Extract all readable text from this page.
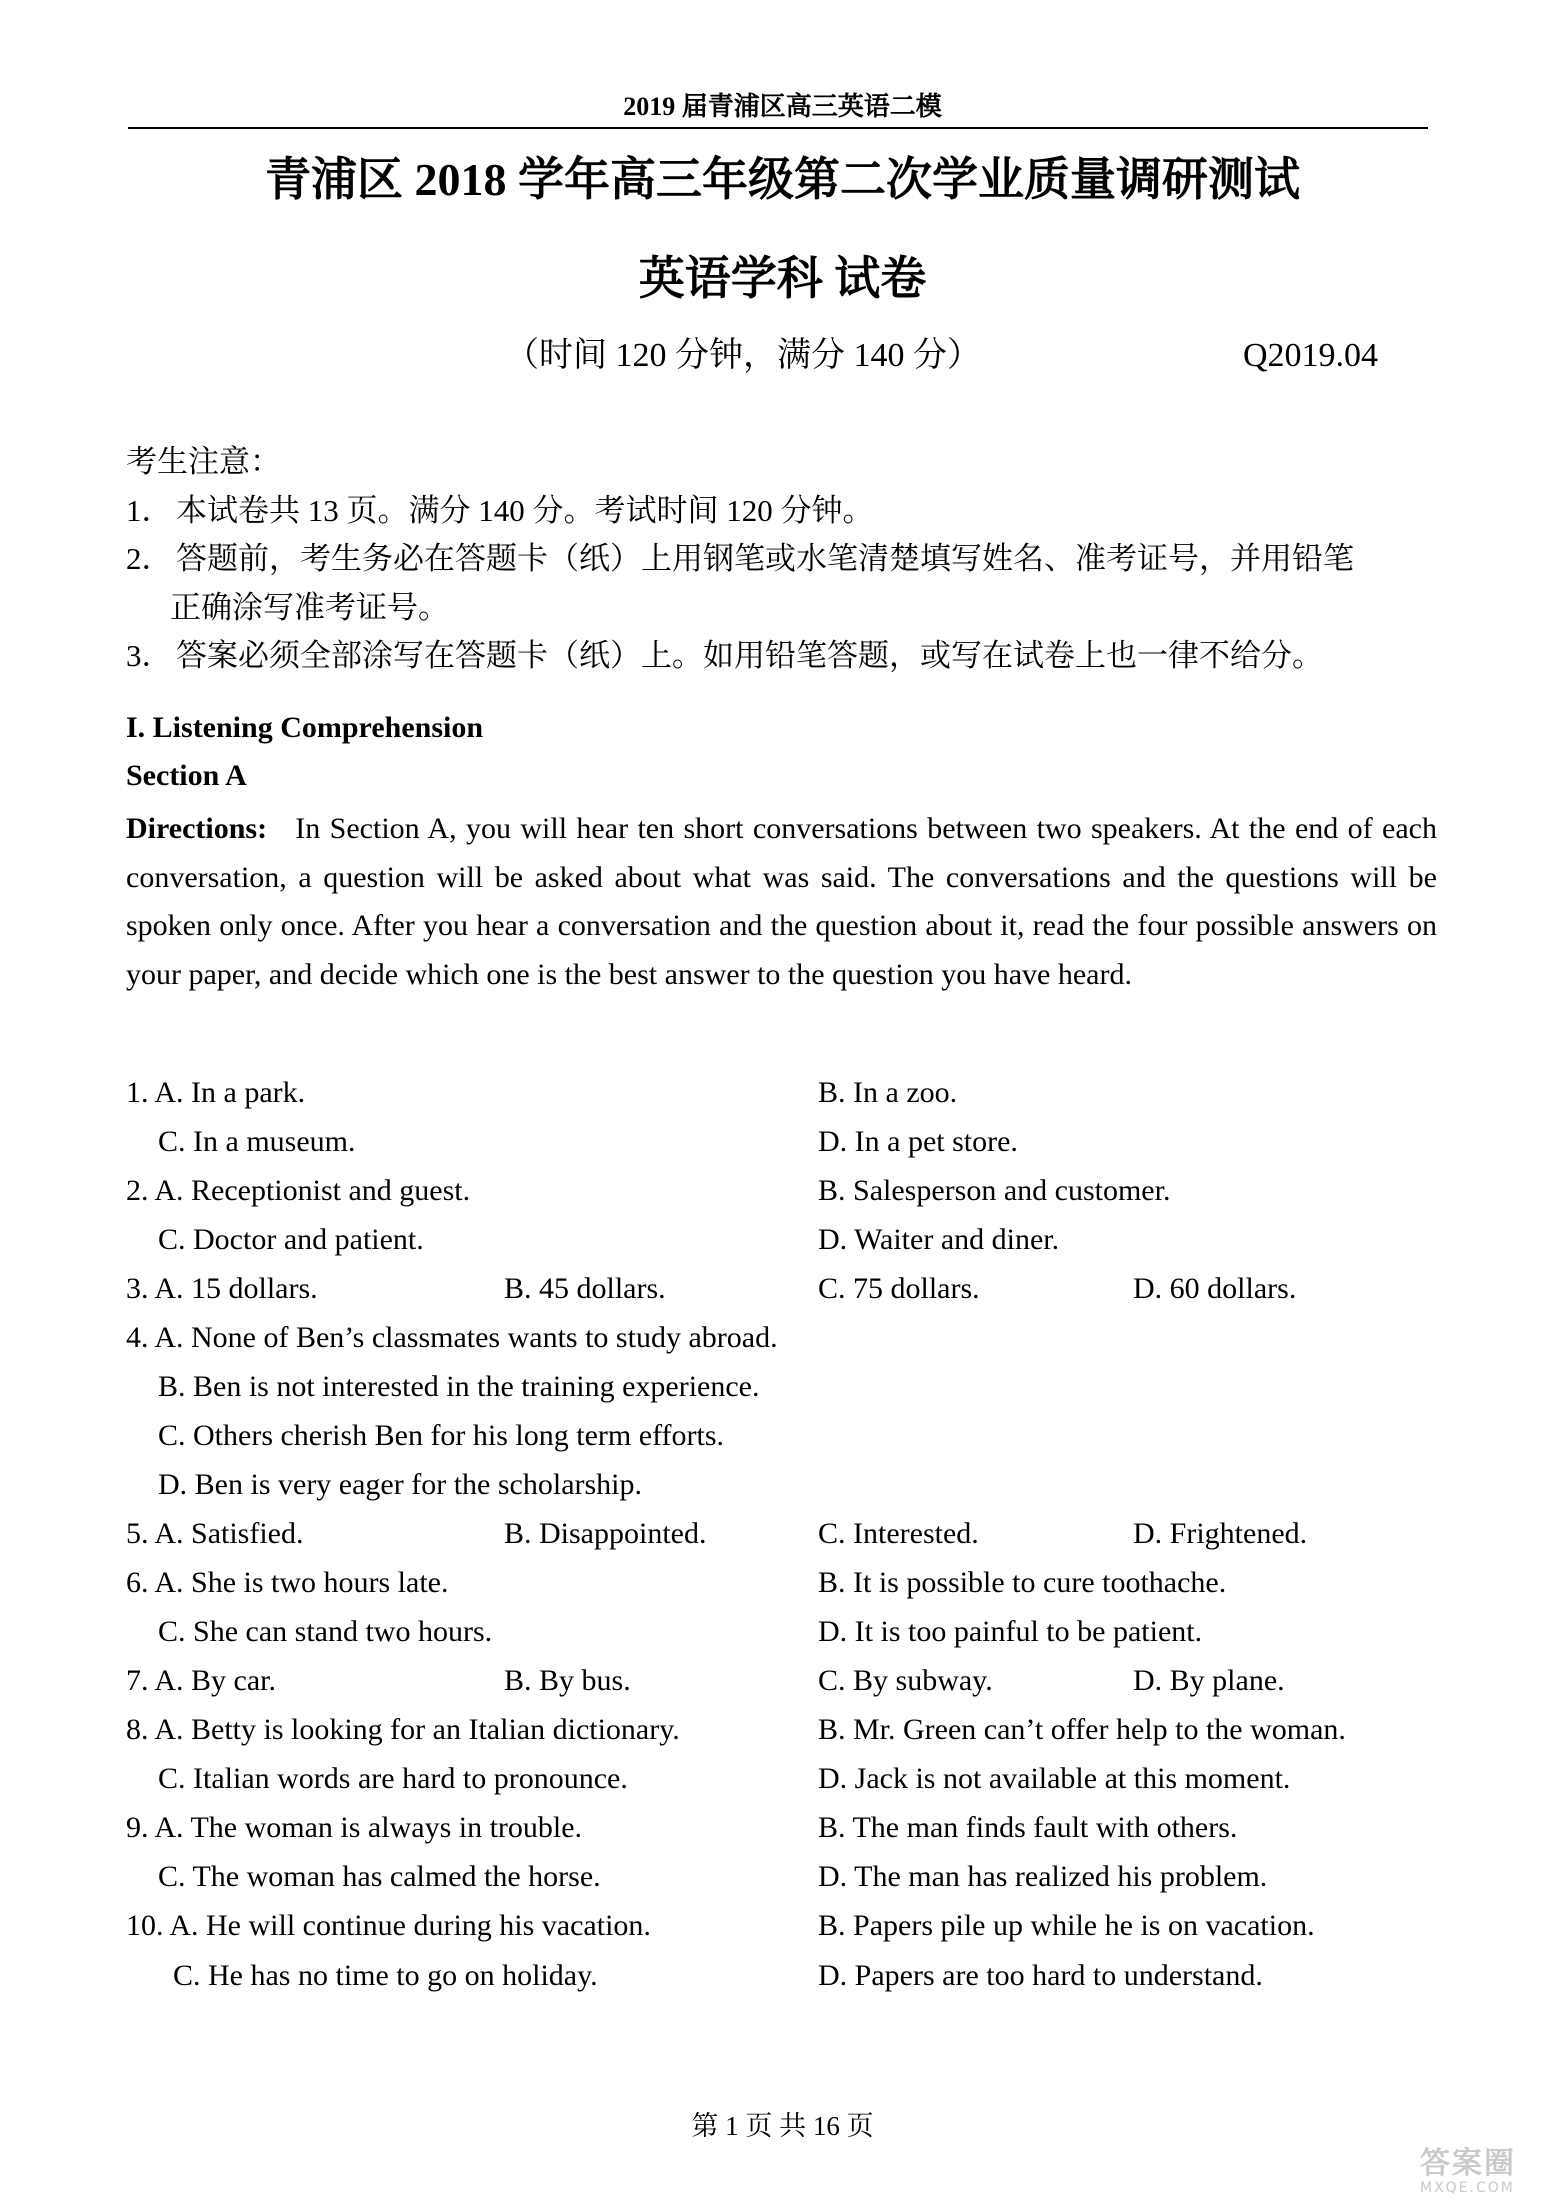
2019 届青浦区高三英语二模
青浦区 2018 学年高三年级第二次学业质量调研测试
英语学科 试卷
（时间 120 分钟，满分 140 分）	Q2019.04
考生注意：
1． 本试卷共 13 页。满分 140 分。考试时间 120 分钟。
2． 答题前，考生务必在答题卡（纸）上用钢笔或水笔清楚填写姓名、准考证号，并用铅笔
正确涂写准考证号。
3． 答案必须全部涂写在答题卡（纸）上。如用铅笔答题，或写在试卷上也一律不给分。
I. Listening Comprehension
Section A
Directions: In Section A, you will hear ten short conversations between two speakers. At the end of each conversation, a question will be asked about what was said. The conversations and the questions will be spoken only once. After you hear a conversation and the question about it, read the four possible answers on your paper, and decide which one is the best answer to the question you have heard.
1. A. In a park.	B. In a zoo.
C. In a museum.	D. In a pet store.
2. A. Receptionist and guest.	B. Salesperson and customer.
C. Doctor and patient.	D. Waiter and diner.
3. A. 15 dollars.	B. 45 dollars.	C. 75 dollars.	D. 60 dollars.
4. A. None of Ben’s classmates wants to study abroad.
B. Ben is not interested in the training experience.
C. Others cherish Ben for his long term efforts.
D. Ben is very eager for the scholarship.
5. A. Satisfied.	B. Disappointed.	C. Interested.	D. Frightened.
6. A. She is two hours late.	B. It is possible to cure toothache.
C. She can stand two hours.	D. It is too painful to be patient.
7. A. By car.	B. By bus.	C. By subway.	D. By plane.
8. A. Betty is looking for an Italian dictionary.	B. Mr. Green can’t offer help to the woman.
C. Italian words are hard to pronounce.	D. Jack is not available at this moment.
9. A. The woman is always in trouble.	B. The man finds fault with others.
C. The woman has calmed the horse.	D. The man has realized his problem.
10. A. He will continue during his vacation.	B. Papers pile up while he is on vacation.
C. He has no time to go on holiday.	D. Papers are too hard to understand.
第 1 页 共 16 页
答案圈
MXQE.COM
